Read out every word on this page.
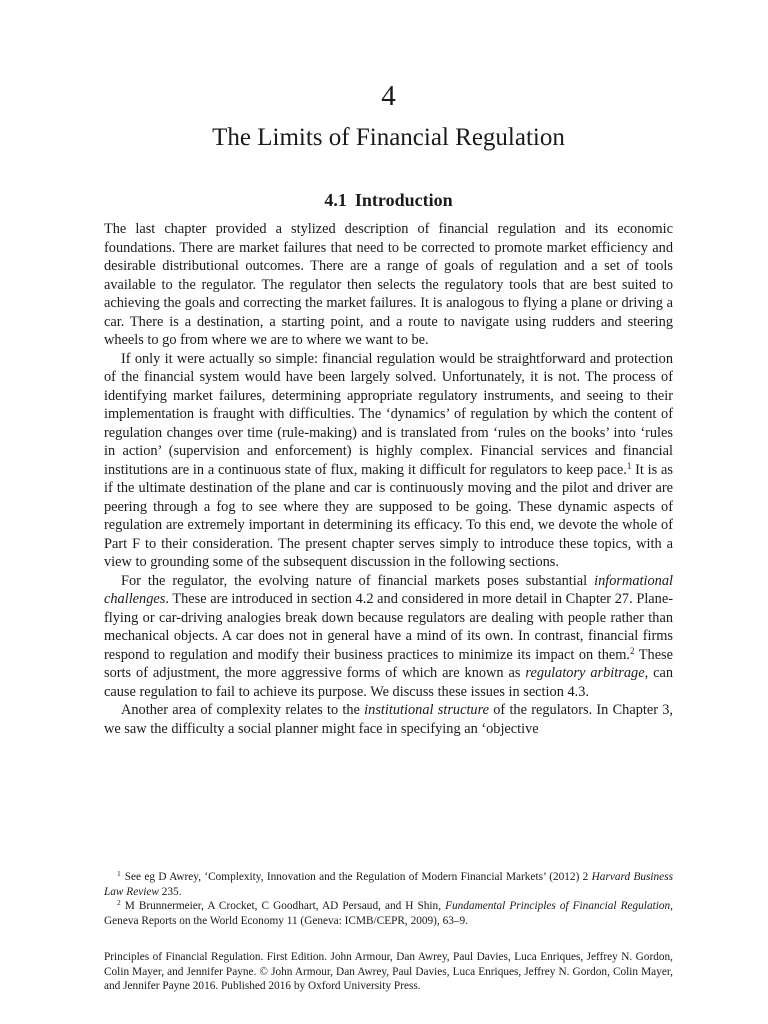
4
The Limits of Financial Regulation
4.1 Introduction

The last chapter provided a stylized description of financial regulation and its economic foundations. There are market failures that need to be corrected to promote market efficiency and desirable distributional outcomes. There are a range of goals of regulation and a set of tools available to the regulator. The regulator then selects the regulatory tools that are best suited to achieving the goals and correcting the market failures. It is analogous to flying a plane or driving a car. There is a destination, a starting point, and a route to navigate using rudders and steering wheels to go from where we are to where we want to be.

If only it were actually so simple: financial regulation would be straightforward and protection of the financial system would have been largely solved. Unfortunately, it is not. The process of identifying market failures, determining appropriate regulatory instruments, and seeing to their implementation is fraught with difficulties. The ‘dynamics’ of regulation by which the content of regulation changes over time (rule-making) and is translated from ‘rules on the books’ into ‘rules in action’ (supervision and enforcement) is highly complex. Financial services and financial institutions are in a continuous state of flux, making it difficult for regulators to keep pace.$^1$ It is as if the ultimate destination of the plane and car is continuously moving and the pilot and driver are peering through a fog to see where they are supposed to be going. These dynamic aspects of regulation are extremely important in determining its efficacy. To this end, we devote the whole of Part F to their consideration. The present chapter serves simply to introduce these topics, with a view to grounding some of the subsequent discussion in the following sections.

For the regulator, the evolving nature of financial markets poses substantial informational challenges. These are introduced in section 4.2 and considered in more detail in Chapter 27. Plane-flying or car-driving analogies break down because regulators are dealing with people rather than mechanical objects. A car does not in general have a mind of its own. In contrast, financial firms respond to regulation and modify their business practices to minimize its impact on them.$^2$ These sorts of adjustment, the more aggressive forms of which are known as regulatory arbitrage, can cause regulation to fail to achieve its purpose. We discuss these issues in section 4.3.

Another area of complexity relates to the institutional structure of the regulators. In Chapter 3, we saw the difficulty a social planner might face in specifying an ‘objective

$^1$ See eg D Awrey, ‘Complexity, Innovation and the Regulation of Modern Financial Markets’ (2012) 2 Harvard Business Law Review 235.

$^2$ M Brunnermeier, A Crocket, C Goodhart, AD Persaud, and H Shin, Fundamental Principles of Financial Regulation, Geneva Reports on the World Economy 11 (Geneva: ICMB/CEPR, 2009), 63–9.

Principles of Financial Regulation. First Edition. John Armour, Dan Awrey, Paul Davies, Luca Enriques, Jeffrey N. Gordon, Colin Mayer, and Jennifer Payne. © John Armour, Dan Awrey, Paul Davies, Luca Enriques, Jeffrey N. Gordon, Colin Mayer, and Jennifer Payne 2016. Published 2016 by Oxford University Press.
